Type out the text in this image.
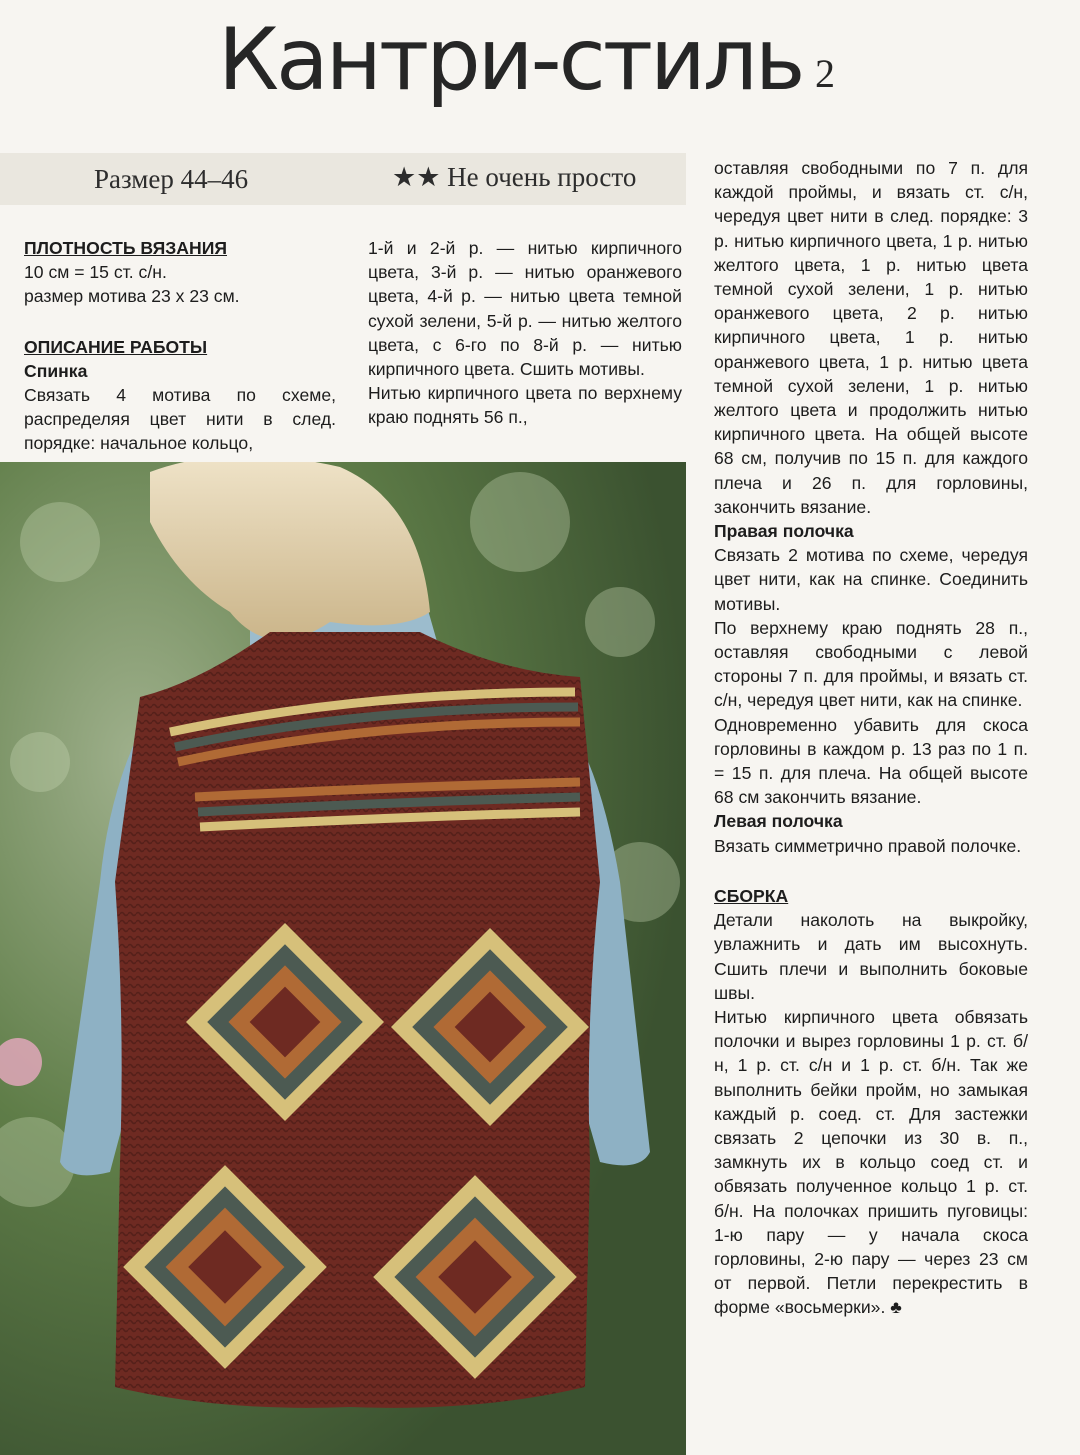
Кантри-стиль 2
Размер 44–46	★★ Не очень просто

ПЛОТНОСТЬ ВЯЗАНИЯ

10 см = 15 ст. с/н.

размер мотива 23 х 23 см.

ОПИСАНИЕ РАБОТЫ

Спинка

Связать 4 мотива по схеме, распределяя цвет нити в след. порядке: начальное кольцо,

1-й и 2-й р. — нитью кирпичного цвета, 3-й р. — нитью оранжевого цвета, 4-й р. — нитью цвета темной сухой зелени, 5-й р. — нитью желтого цвета, с 6-го по 8-й р. — нитью кирпичного цвета. Сшить мотивы.

Нитью кирпичного цвета по верхнему краю поднять 56 п.,

оставляя свободными по 7 п. для каждой проймы, и вязать ст. с/н, чередуя цвет нити в след. порядке: 3 р. нитью кирпичного цвета, 1 р. нитью желтого цвета, 1 р. нитью цвета темной сухой зелени, 1 р. нитью оранжевого цвета, 2 р. нитью кирпичного цвета, 1 р. нитью оранжевого цвета, 1 р. нитью цвета темной сухой зелени, 1 р. нитью желтого цвета и продолжить нитью кирпичного цвета. На общей высоте 68 см, получив по 15 п. для каждого плеча и 26 п. для горловины, закончить вязание.

Правая полочка

Связать 2 мотива по схеме, чередуя цвет нити, как на спинке. Соединить мотивы.

По верхнему краю поднять 28 п., оставляя свободными с левой стороны 7 п. для проймы, и вязать ст. с/н, чередуя цвет нити, как на спинке.

Одновременно убавить для скоса горловины в каждом р. 13 раз по 1 п. = 15 п. для плеча. На общей высоте 68 см закончить вязание.

Левая полочка

Вязать симметрично правой полочке.

СБОРКА

Детали наколоть на выкройку, увлажнить и дать им высохнуть. Сшить плечи и выполнить боковые швы.

Нитью кирпичного цвета обвязать полочки и вырез горловины 1 р. ст. б/н, 1 р. ст. с/н и 1 р. ст. б/н. Так же выполнить бейки пройм, но замыкая каждый р. соед. ст. Для застежки связать 2 цепочки из 30 в. п., замкнуть их в кольцо соед ст. и обвязать полученное кольцо 1 р. ст. б/н. На полочках пришить пуговицы: 1-ю пару — у начала скоса горловины, 2-ю пару — через 23 см от первой. Петли перекрестить в форме «восьмерки». ♣
